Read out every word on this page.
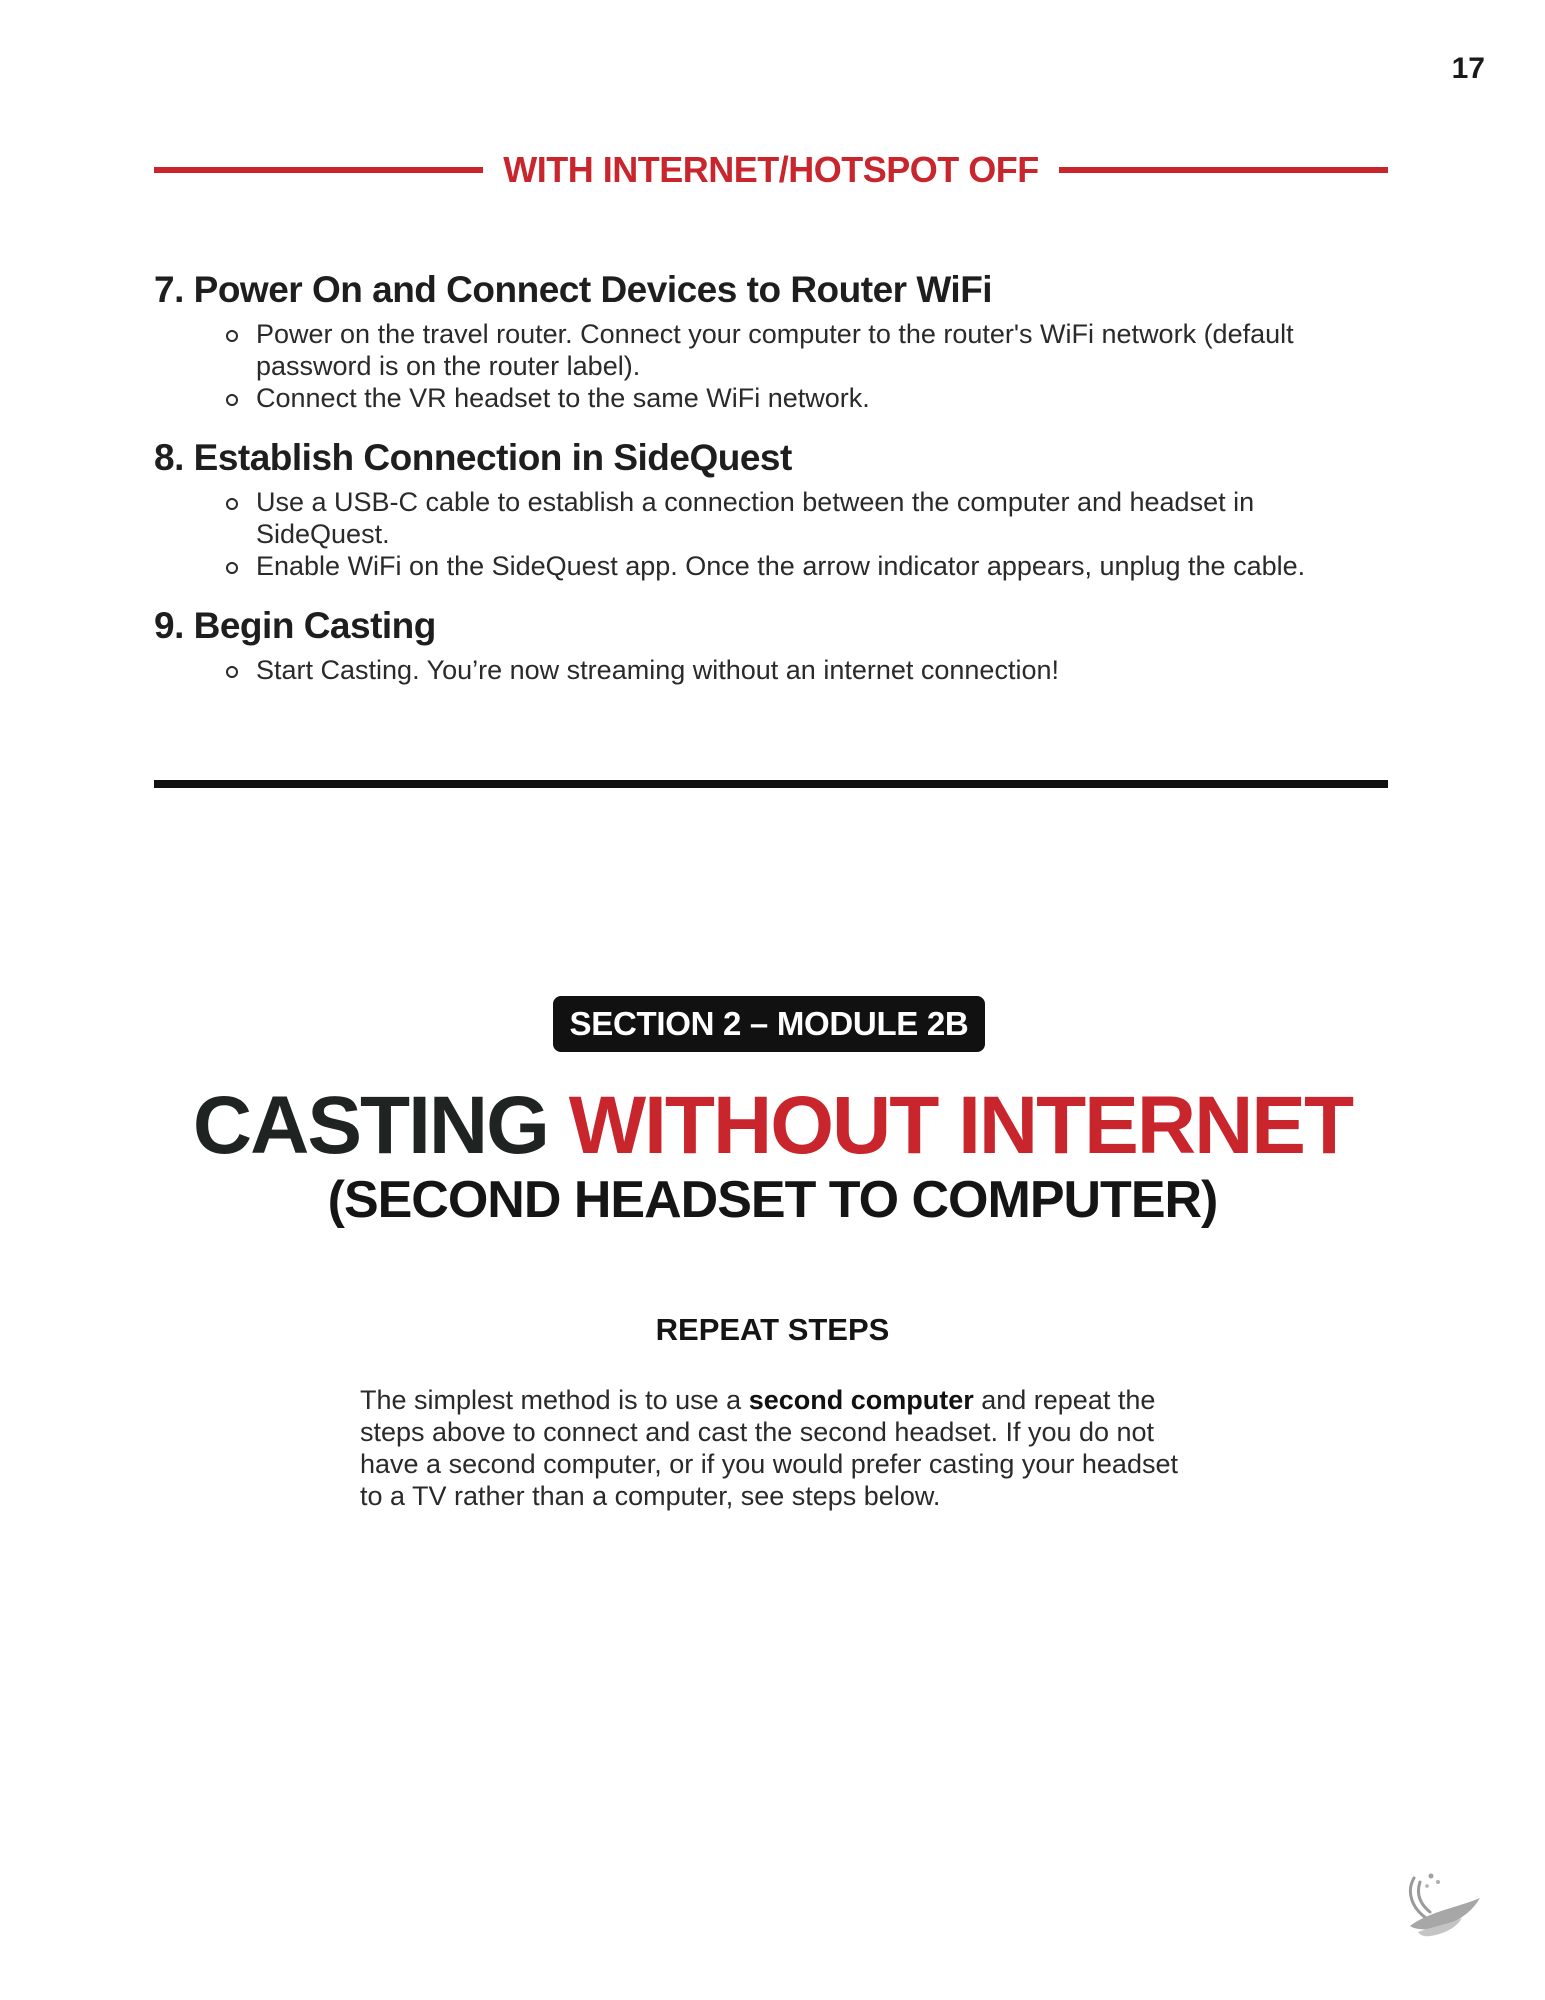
17
WITH INTERNET/HOTSPOT OFF
7. Power On and Connect Devices to Router WiFi
Power on the travel router. Connect your computer to the router's WiFi network (default password is on the router label).
Connect the VR headset to the same WiFi network.
8. Establish Connection in SideQuest
Use a USB-C cable to establish a connection between the computer and headset in SideQuest.
Enable WiFi on the SideQuest app. Once the arrow indicator appears, unplug the cable.
9. Begin Casting
Start Casting. You’re now streaming without an internet connection!
SECTION 2 – MODULE 2B
CASTING WITHOUT INTERNET
(SECOND HEADSET TO COMPUTER)
REPEAT STEPS
The simplest method is to use a second computer and repeat the steps above to connect and cast the second headset. If you do not have a second computer, or if you would prefer casting your headset to a TV rather than a computer, see steps below.
